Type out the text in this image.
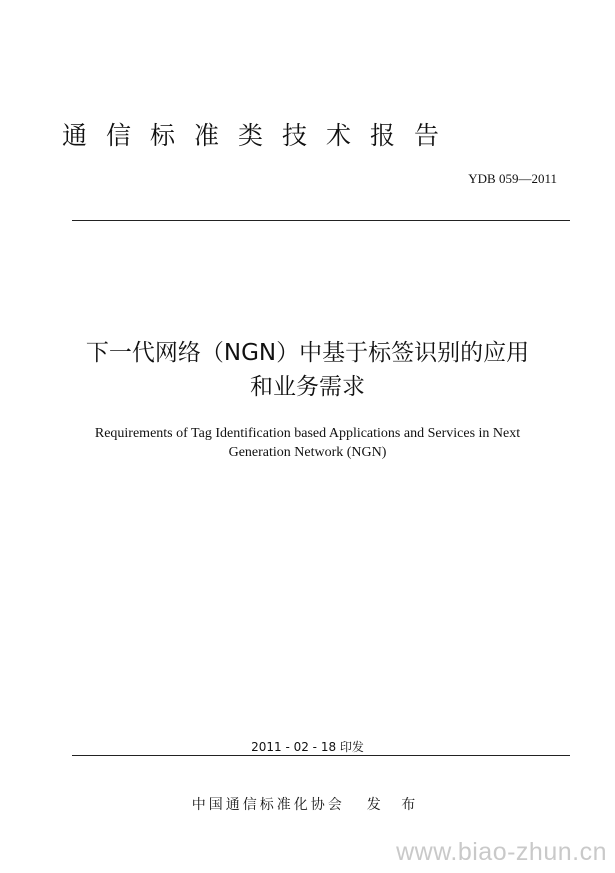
通信标准类技术报告
YDB 059—2011
下一代网络（NGN）中基于标签识别的应用
和业务需求
Requirements of Tag Identification based Applications and Services in Next
Generation Network (NGN)
2011 - 02 - 18 印发
中国通信标准化协会 发 布
www.biao-zhun.cn
